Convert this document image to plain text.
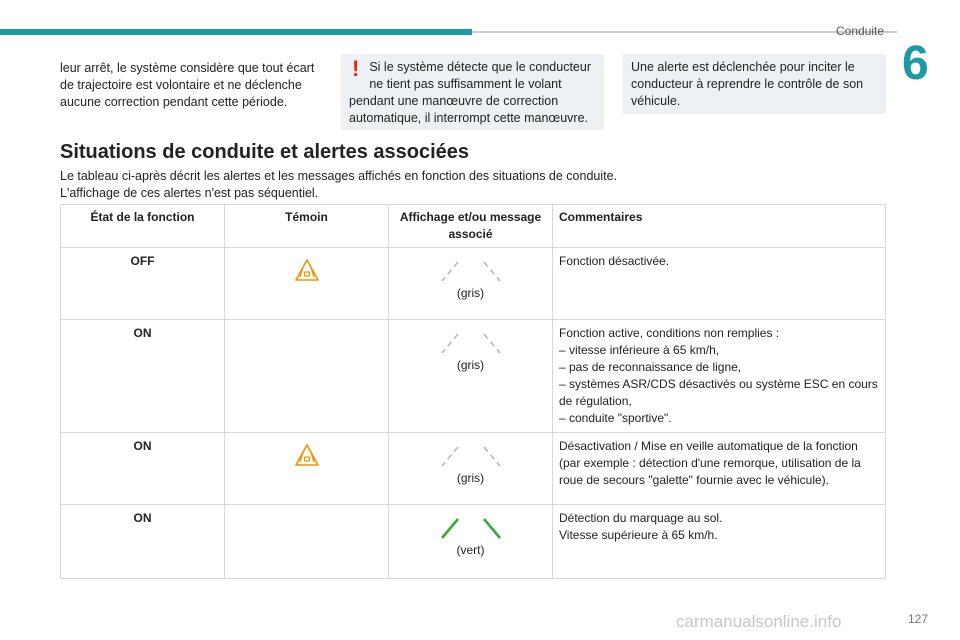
Conduite
6
leur arrêt, le système considère que tout écart de trajectoire est volontaire et ne déclenche aucune correction pendant cette période.
! Si le système détecte que le conducteur ne tient pas suffisamment le volant pendant une manœuvre de correction automatique, il interrompt cette manœuvre.
Une alerte est déclenchée pour inciter le conducteur à reprendre le contrôle de son véhicule.
Situations de conduite et alertes associées
Le tableau ci-après décrit les alertes et les messages affichés en fonction des situations de conduite.
L'affichage de ces alertes n'est pas séquentiel.
État de la fonction	Témoin	Affichage et/ou message associé	Commentaires
OFF		(gris)	Fonction désactivée.

ON		(gris)	Fonction active, conditions non remplies :
– vitesse inférieure à 65 km/h,
– pas de reconnaissance de ligne,
– systèmes ASR/CDS désactivés ou système ESC en cours de régulation,
– conduite "sportive".

ON		(gris)	Désactivation / Mise en veille automatique de la fonction (par exemple : détection d'une remorque, utilisation de la roue de secours "galette" fournie avec le véhicule).

ON		(vert)	Détection du marquage au sol.
Vitesse supérieure à 65 km/h.
127
carmanualsonline.info
